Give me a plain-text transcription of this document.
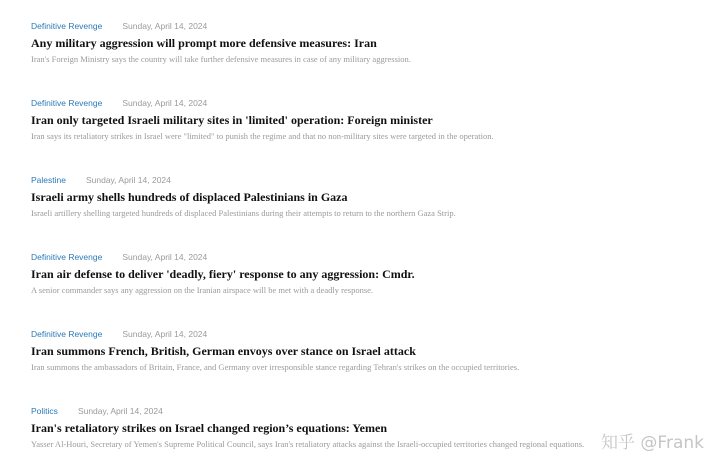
Definitive Revenge Sunday, April 14, 2024
Any military aggression will prompt more defensive measures: Iran
Iran's Foreign Ministry says the country will take further defensive measures in case of any military aggression.
Definitive Revenge Sunday, April 14, 2024
Iran only targeted Israeli military sites in 'limited' operation: Foreign minister
Iran says its retaliatory strikes in Israel were "limited" to punish the regime and that no non-military sites were targeted in the operation.
Palestine Sunday, April 14, 2024
Israeli army shells hundreds of displaced Palestinians in Gaza
Israeli artillery shelling targeted hundreds of displaced Palestinians during their attempts to return to the northern Gaza Strip.
Definitive Revenge Sunday, April 14, 2024
Iran air defense to deliver 'deadly, fiery' response to any aggression: Cmdr.
A senior commander says any aggression on the Iranian airspace will be met with a deadly response.
Definitive Revenge Sunday, April 14, 2024
Iran summons French, British, German envoys over stance on Israel attack
Iran summons the ambassadors of Britain, France, and Germany over irresponsible stance regarding Tehran's strikes on the occupied territories.
Politics Sunday, April 14, 2024
Iran's retaliatory strikes on Israel changed region’s equations: Yemen
Yasser Al-Houri, Secretary of Yemen's Supreme Political Council, says Iran's retaliatory attacks against the Israeli-occupied territories changed regional equations. 知乎 @Frank
